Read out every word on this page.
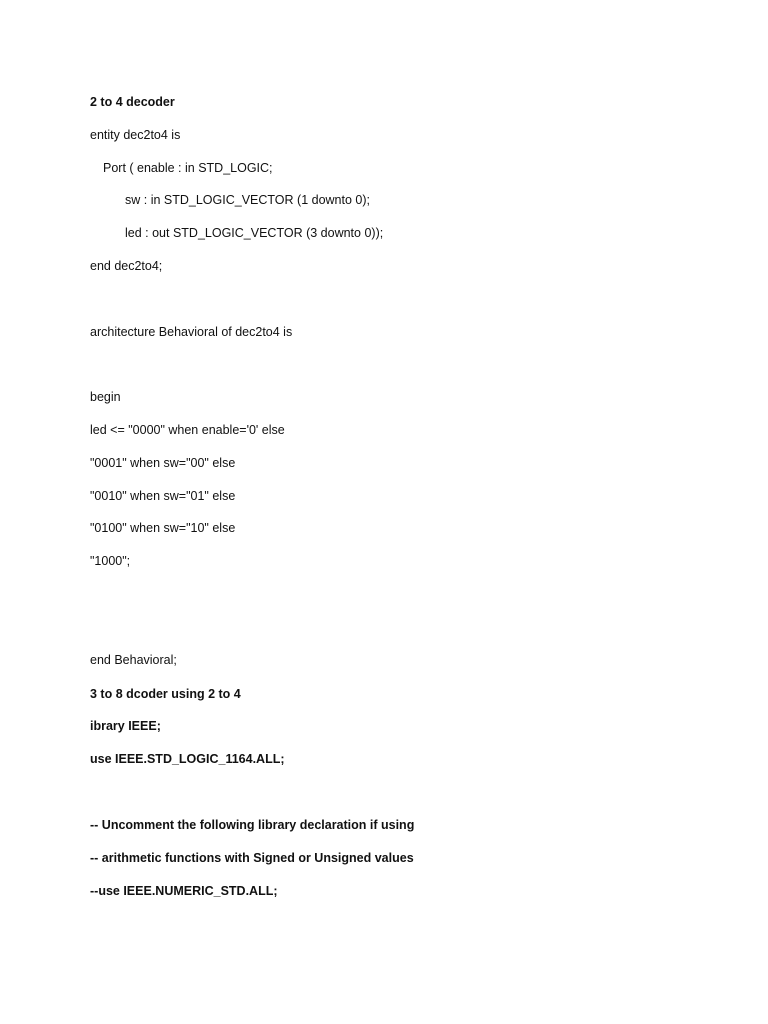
2 to 4 decoder
entity dec2to4 is
Port ( enable : in STD_LOGIC;
sw : in STD_LOGIC_VECTOR (1 downto 0);
led : out STD_LOGIC_VECTOR (3 downto 0));
end dec2to4;
architecture Behavioral of dec2to4 is
begin
led <= "0000" when enable='0' else
"0001" when sw="00" else
"0010" when sw="01" else
"0100" when sw="10" else
"1000";
end Behavioral;
3 to 8 dcoder using 2 to 4
ibrary IEEE;
use IEEE.STD_LOGIC_1164.ALL;
-- Uncomment the following library declaration if using
-- arithmetic functions with Signed or Unsigned values
--use IEEE.NUMERIC_STD.ALL;
